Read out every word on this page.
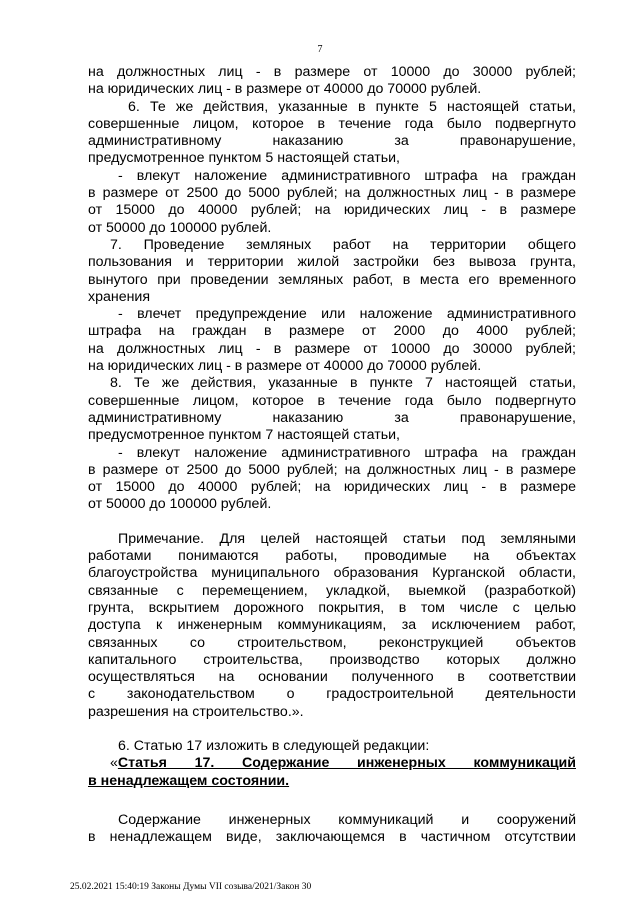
7
на должностных лиц - в размере от 10000 до 30000 рублей;
на юридических лиц - в размере от 40000 до 70000 рублей.
6. Те же действия, указанные в пункте 5 настоящей статьи,
совершенные лицом, которое в течение года было подвергнуто
административному наказанию за правонарушение,
предусмотренное пунктом 5 настоящей статьи,
- влекут наложение административного штрафа на граждан
в размере от 2500 до 5000 рублей; на должностных лиц - в размере
от 15000 до 40000 рублей; на юридических лиц - в размере
от 50000 до 100000 рублей.
7. Проведение земляных работ на территории общего
пользования и территории жилой застройки без вывоза грунта,
вынутого при проведении земляных работ, в места его временного
хранения
- влечет предупреждение или наложение административного
штрафа на граждан в размере от 2000 до 4000 рублей;
на должностных лиц - в размере от 10000 до 30000 рублей;
на юридических лиц - в размере от 40000 до 70000 рублей.
8. Те же действия, указанные в пункте 7 настоящей статьи,
совершенные лицом, которое в течение года было подвергнуто
административному наказанию за правонарушение,
предусмотренное пунктом 7 настоящей статьи,
- влекут наложение административного штрафа на граждан
в размере от 2500 до 5000 рублей; на должностных лиц - в размере
от 15000 до 40000 рублей; на юридических лиц - в размере
от 50000 до 100000 рублей.
Примечание. Для целей настоящей статьи под земляными
работами понимаются работы, проводимые на объектах
благоустройства муниципального образования Курганской области,
связанные с перемещением, укладкой, выемкой (разработкой)
грунта, вскрытием дорожного покрытия, в том числе с целью
доступа к инженерным коммуникациям, за исключением работ,
связанных со строительством, реконструкцией объектов
капитального строительства, производство которых должно
осуществляться на основании полученного в соответствии
с законодательством о градостроительной деятельности
разрешения на строительство.».
6. Статью 17 изложить в следующей редакции:
«Статья 17. Содержание инженерных коммуникаций
в ненадлежащем состоянии.
Содержание инженерных коммуникаций и сооружений
в ненадлежащем виде, заключающемся в частичном отсутствии
25.02.2021 15:40:19 Законы Думы VII созыва/2021/Закон 30
